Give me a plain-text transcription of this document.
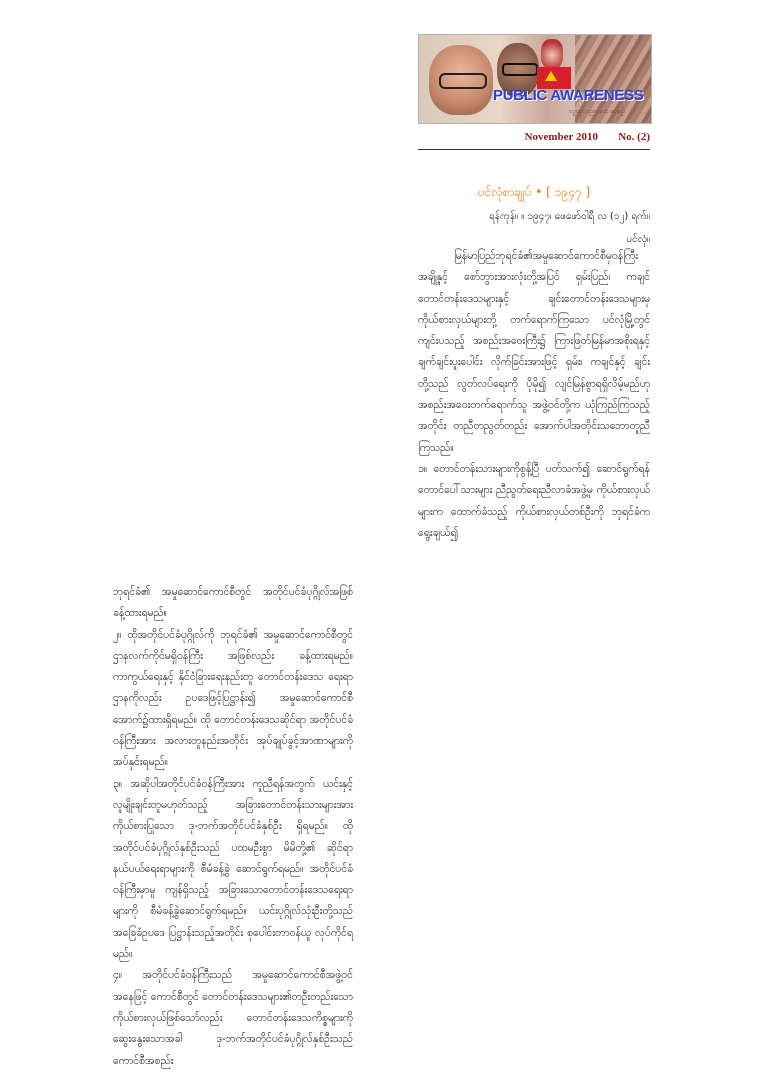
PUBLIC AWARENESS
လူထု ပညာပေး စာစဉ်
November 2010 No. (2)
ပင်လုံစာချုပ် • [ ၁၉၄၇ ]
ရန်ကုန်။ ။ ၁၉၄၇၊ ဖေဖော်ဝါရီ လ (၁၂) ရက်။
ပင်လုံ။

မြန်မာပြည်ဘုရင်ခံ၏အမှုဆောင်ကောင်စီမှဝန်ကြီးအချို့နှင့် စော်ဘွားအားလုံးတို့အပြင် ရှမ်းပြည်၊ ကချင် တောင်တန်းဒေသများနှင့် ချင်းတောင်တန်းဒေသများမှ ကိုယ်စားလှယ်များတို့ တက်ရောက်ကြသော ပင်လုံမြို့တွင် ကျင်းပသည့် အစည်းအဝေးကြီး၌ ကြားဖြတ်မြန်မာအစိုးရနှင့် ချက်ချင်းပူးပေါင်း လိုက်ခြင်းအားဖြင့် ရှမ်း၊ ကချင်နှင့် ချင်းတို့သည် လွတ်လပ်ရေးကို ပိုမို၍ လျင်မြန်စွာရရှိလိမ့်မည်ဟု အစည်းအဝေးတက်ရောက်သူ အဖွဲ့ဝင်တို့က ယုံကြည်ကြသည့်အတိုင်း တညီတညွတ်တည်း အောက်ပါအတိုင်းသဘောတူညီ ကြသည်။

၁။ တောင်တန်းသားများကိုစွန့်ပြီ ပတ်သက်၍ ဆောင်ရွက်ရန် တောင်ပေါ်သားများ ညီညွတ်ရေးညီလာခံအဖွဲ့မှ ကိုယ်စားလှယ်များက ထောက်ခံသည့် ကိုယ်စားလှယ်တစ်ဦးကို ဘုရင်ခံက ရွေးချယ်၍

ဘုရင်ခံ၏ အမှုဆောင်ကောင်စီတွင် အတိုင်ပင်ခံပုဂ္ဂိုလ်အဖြစ် ခန့်ထားရမည်။

၂။ ထိုအတိုင်ပင်ခံပုဂ္ဂိုလ်ကို ဘုရင်ခံ၏ အမှုဆောင်ကောင်စီတွင် ဌာနလက်ကိုင်မရှိဝန်ကြီး အဖြစ်လည်း ခန့်ထားရမည်။ ကာကွယ်ရေးနှင့် နိုင်ငံခြားရေးနည်းတူ တောင်တန်းဒေသ ရေးရာဌာနကိုလည်း ဥပဒေဖြင့်ပြဋ္ဌာန်း၍ အမှုဆောင်ကောင်စီ အောက်၌ထားရှိရမည်။ ထို တောင်တန်းဒေသဆိုင်ရာ အတိုင်ပင်ခံဝန်ကြီးအား အလားတူနည်းအတိုင်း အုပ်ချုပ်ခွင့်အာဏာများကို အပ်နှင်းရမည်။

၃။ အဆိုပါအတိုင်ပင်ခံဝန်ကြီးအား ကူညီရန်အတွက် ယင်းနှင့်လူမျိုးချင်းတူမဟုတ်သည့် အခြားတောင်တန်းသားများအား ကိုယ်စားပြုသော ဒု-ဘက်အတိုင်ပင်ခံနှစ်ဦး ရှိရမည်။ ထို အတိုင်ပင်ခံပုဂ္ဂိုလ်နှစ်ဦးသည် ပထမဦးစွာ မိမိတို့၏ ဆိုင်ရာနယ်ပယ်ရေးရာများကို စီမံခန့်ခွဲ ဆောင်ရွက်ရမည်။ အတိုင်ပင်ခံဝန်ကြီးမှာမူ ကျန်ရှိသည့် အခြားသောတောင်တန်းဒေသရေးရာများကို စီမံခန့်ခွဲဆောင်ရွက်ရမည်။ ယင်းပုဂ္ဂိုလ်သုံးဦးတို့သည် အခြေခံဥပဒေ ပြဋ္ဌာန်းသည့်အတိုင်း စုပေါင်းတာဝန်ယူ လုပ်ကိုင်ရမည်။

၄။ အတိုင်ပင်ခံဝန်ကြီးသည် အမှုဆောင်ကောင်စီအဖွဲ့ဝင်အနေဖြင့် ကောင်စီတွင် တောင်တန်းဒေသများ၏တဦးတည်းသောကိုယ်စားလှယ်ဖြစ်သော်လည်း တောင်တန်းဒေသကိစ္စများကို ဆွေးနွေးသောအခါ ဒု-ဘက်အတိုင်ပင်ခံပုဂ္ဂိုလ်နှစ်ဦးသည် ကောင်စီအစည်း
